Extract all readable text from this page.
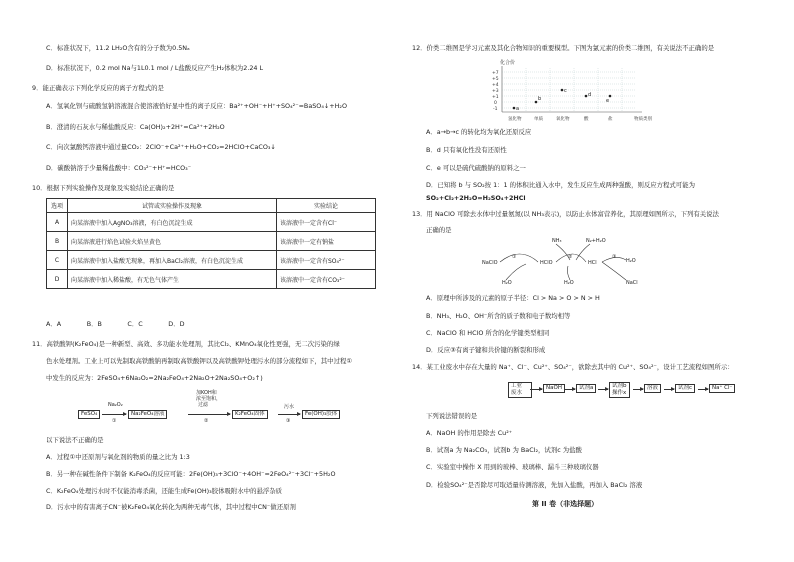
C．标准状况下，11.2 LH₂O含有的分子数为0.5Nₐ
D．标准状况下，0.2 mol Na与1L0.1 mol / L盐酸反应产生H₂体积为2.24 L
9．能正确表示下列化学反应的离子方程式的是
A．氢氧化钡与硫酸氢钠溶液混合使溶液恰好显中性的离子反应：Ba²⁺+OH⁻+H⁺+SO₄²⁻=BaSO₄↓+H₂O
B．澄清的石灰水与稀盐酸反应：Ca(OH)₂+2H⁺=Ca²⁺+2H₂O
C．向次氯酸钙溶液中通过量CO₂：2ClO⁻+Ca²⁺+H₂O+CO₂=2HClO+CaCO₃↓
D．碳酸钠溶于少量稀盐酸中：CO₃²⁻+H⁺=HCO₃⁻
10．根据下列实验操作及现象及实验结论正确的是
选项	试管或实验操作及现象	实验结论
A	向某溶液中加入AgNO₃溶液，有白色沉淀生成	该溶液中一定含有Cl⁻
B	向某溶液进行焰色试验火焰呈黄色	该溶液中一定有钠盐
C	向某溶液中加入盐酸无现象，再加入BaCl₂溶液，有白色沉淀生成	该溶液中一定含有SO₄²⁻
D	向某溶液中加入稀盐酸，有无色气体产生	该溶液中一定含有CO₃²⁻
A．A　　　　B．B　　　　C．C　　　　D．D
11．高铁酸钾(K₂FeO₄)是一种新型、高效、多功能水处理剂，其比Cl₂、KMnO₄氧化性更强，无二次污染的绿
色水处理剂。工业上可以先制取高铁酸钠再制取高铁酸钾以及高铁酸钾处理污水的部分流程如下，其中过程①
中发生的反应为：2FeSO₄+6Na₂O₂=2Na₂FeO₄+2Na₂O+2Na₂SO₄+O₂↑)
FeSO₄
Na₂O₂
①
Na₂FeO₄溶液
加KOH和
浓至饱和，
过滤
②
K₂FeO₄固体
污水
③
Fe(OH)₃胶体
以下说法不正确的是
A．过程①中还原剂与氧化剂的物质的量之比为 1:3
B．另一种在碱性条件下制备 K₂FeO₄的反应可能：2Fe(OH)₃+3ClO⁻+4OH⁻=2FeO₄²⁻+3Cl⁻+5H₂O
C．K₂FeO₄处理污水时不仅能消毒杀菌，还能生成Fe(OH)₃胶体吸附水中的悬浮杂质
D．污水中的有害离子CN⁻被K₂FeO₄氧化转化为两种无毒气体，其中过程中CN⁻做还原剂
12．价类二维图是学习元素及其化合物知识的重要模型。下图为氯元素的价类二维图，有关说法不正确的是
化合价
+7
+5
+4
+3
+1
0
-1
氢化物	单质	氧化物	酸	盐	物质类别
a
b
c
d
e
A．a→b→c 的转化均为氧化还原反应
B．d 只有氧化性没有还原性
C．e 可以是硫代硫酸钠的原料之一
D．已知将 b 与 SO₂按 1：1 的体积比通入水中，发生反应生成两种强酸，则反应方程式可能为
SO₂+Cl₂+2H₂O=H₂SO₄+2HCl
13．用 NaClO 可除去水体中过量氨氮(以 NH₃表示)，以防止水体富营养化，其原理如图所示，下列有关说法
正确的是
NH₃	N₂+H₂O
NaClO	HClO	HCl
H₂O	H₂O
H₂O
NaCl
①	②	③
A．原理中所涉及的元素的原子半径：Cl > Na > O > N > H
B．NH₃、H₂O、OH⁻所含的质子数和电子数均相等
C．NaClO 和 HClO 所含的化学键类型相同
D．反应③有离子键和共价键的断裂和形成
14．某工业废水中存在大量的 Na⁺、Cl⁻、Cu²⁺、SO₄²⁻，欲除去其中的 Cu²⁺、SO₄²⁻，设计工艺流程如图所示：
工业
废水
NaOH	试剂a	试剂b
操作x
溶液	试剂c	Na⁺ Cl⁻
下列说法错误的是
A．NaOH 的作用是除去 Cu²⁺
B．试剂a 为 Na₂CO₃，试剂b 为 BaCl₂，试剂c 为盐酸
C．实验室中操作 X 用到的玻棒、玻璃棒、漏斗三种玻璃仪器
D．检验SO₄²⁻是否除尽可取适量待测溶液，先加入盐酸，再加入 BaCl₂ 溶液
第 II 卷（非选择题）
